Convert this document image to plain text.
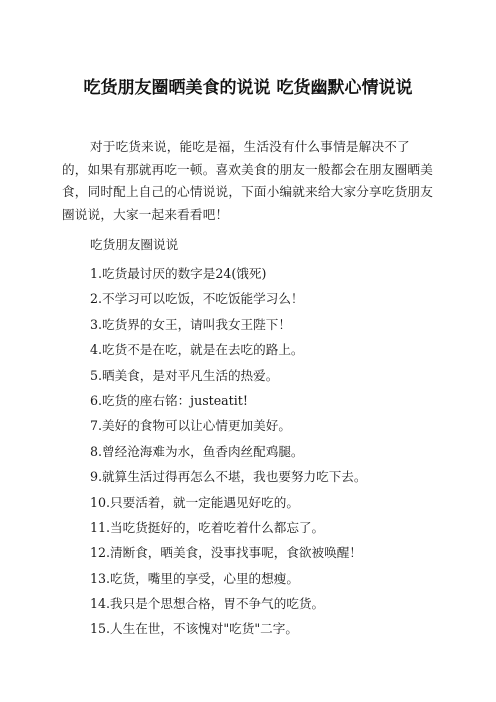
吃货朋友圈晒美食的说说 吃货幽默心情说说

对于吃货来说，能吃是福，生活没有什么事情是解决不了的，如果有那就再吃一顿。喜欢美食的朋友一般都会在朋友圈晒美食，同时配上自己的心情说说，下面小编就来给大家分享吃货朋友圈说说，大家一起来看看吧！

吃货朋友圈说说

1.吃货最讨厌的数字是24(饿死)
2.不学习可以吃饭，不吃饭能学习么！
3.吃货界的女王，请叫我女王陛下！
4.吃货不是在吃，就是在去吃的路上。
5.晒美食，是对平凡生活的热爱。
6.吃货的座右铭：justeatit!
7.美好的食物可以让心情更加美好。
8.曾经沧海难为水，鱼香肉丝配鸡腿。
9.就算生活过得再怎么不堪，我也要努力吃下去。
10.只要活着，就一定能遇见好吃的。
11.当吃货挺好的，吃着吃着什么都忘了。
12.清断食，晒美食，没事找事呢，食欲被唤醒！
13.吃货，嘴里的享受，心里的想瘦。
14.我只是个思想合格，胃不争气的吃货。
15.人生在世，不该愧对"吃货"二字。
